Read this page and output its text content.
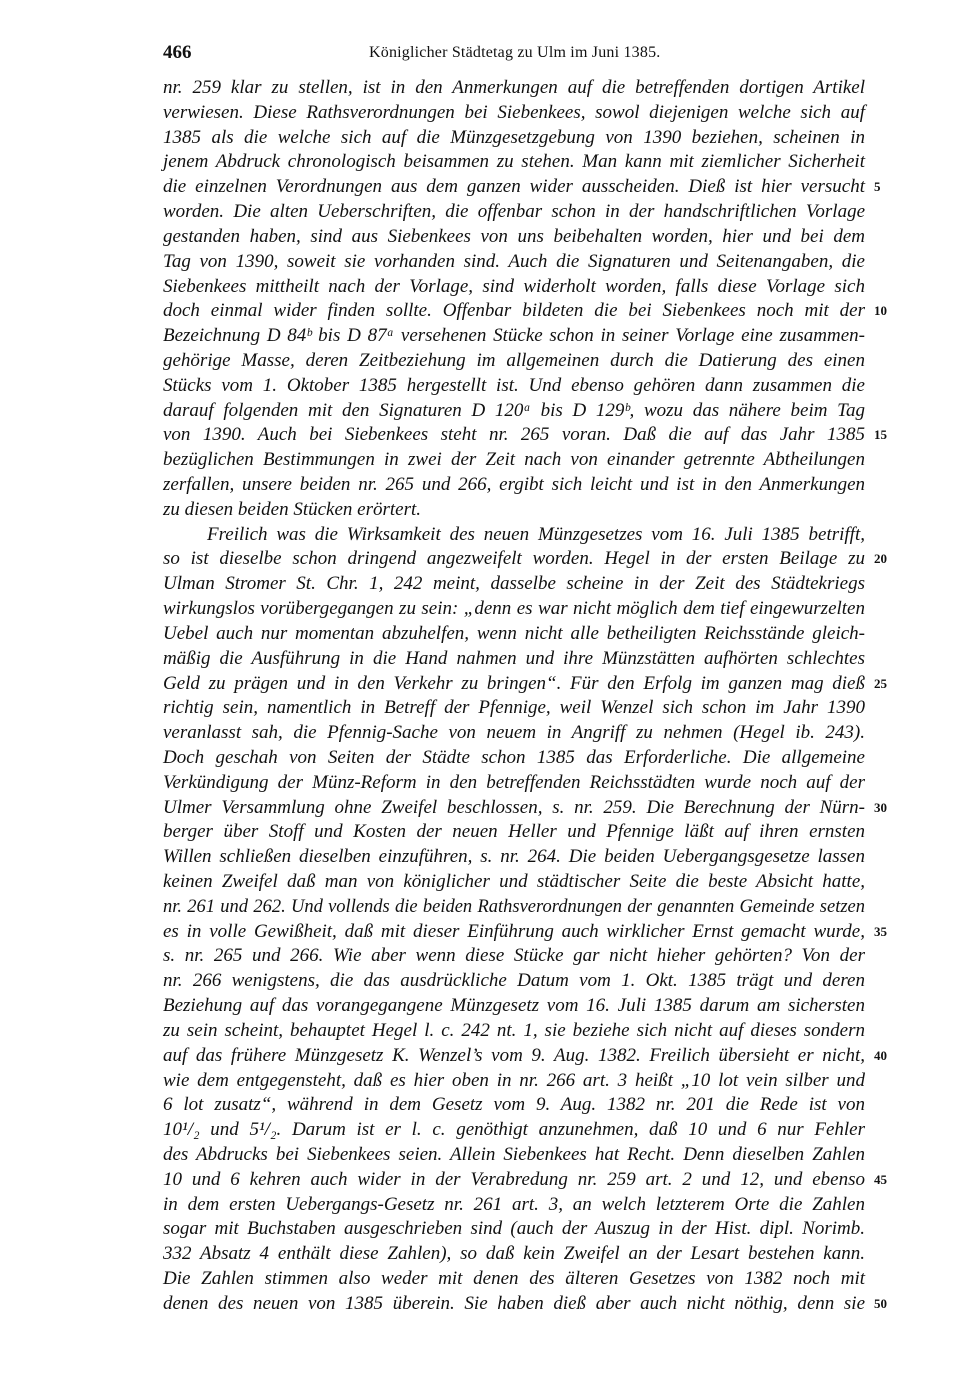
466	Königlicher Städtetag zu Ulm im Juni 1385.
nr. 259 klar zu stellen, ist in den Anmerkungen auf die betreffenden dortigen Artikel
verwiesen. Diese Rathsverordnungen bei Siebenkees, sowol diejenigen welche sich auf
1385 als die welche sich auf die Münzgesetzgebung von 1390 beziehen, scheinen in
jenem Abdruck chronologisch beisammen zu stehen. Man kann mit ziemlicher Sicherheit
die einzelnen Verordnungen aus dem ganzen wider ausscheiden. Dieß ist hier versucht 5
worden. Die alten Ueberschriften, die offenbar schon in der handschriftlichen Vorlage
gestanden haben, sind aus Siebenkees von uns beibehalten worden, hier und bei dem
Tag von 1390, soweit sie vorhanden sind. Auch die Signaturen und Seitenangaben, die
Siebenkees mittheilt nach der Vorlage, sind widerholt worden, falls diese Vorlage sich
doch einmal wider finden sollte. Offenbar bildeten die bei Siebenkees noch mit der 10
Bezeichnung D 84ᵇ bis D 87ᵃ versehenen Stücke schon in seiner Vorlage eine zusammen-
gehörige Masse, deren Zeitbeziehung im allgemeinen durch die Datierung des einen
Stücks vom 1. Oktober 1385 hergestellt ist. Und ebenso gehören dann zusammen die
darauf folgenden mit den Signaturen D 120ᵃ bis D 129ᵇ, wozu das nähere beim Tag
von 1390. Auch bei Siebenkees steht nr. 265 voran. Daß die auf das Jahr 1385 15
bezüglichen Bestimmungen in zwei der Zeit nach von einander getrennte Abtheilungen
zerfallen, unsere beiden nr. 265 und 266, ergibt sich leicht und ist in den Anmerkungen
zu diesen beiden Stücken erörtert.
Freilich was die Wirksamkeit des neuen Münzgesetzes vom 16. Juli 1385 betrifft,
so ist dieselbe schon dringend angezweifelt worden. Hegel in der ersten Beilage zu 20
Ulman Stromer St. Chr. 1, 242 meint, dasselbe scheine in der Zeit des Städtekriegs
wirkungslos vorübergegangen zu sein: „denn es war nicht möglich dem tief eingewurzelten
Uebel auch nur momentan abzuhelfen, wenn nicht alle betheiligten Reichsstände gleich-
mäßig die Ausführung in die Hand nahmen und ihre Münzstätten aufhörten schlechtes
Geld zu prägen und in den Verkehr zu bringen“. Für den Erfolg im ganzen mag dieß 25
richtig sein, namentlich in Betreff der Pfennige, weil Wenzel sich schon im Jahr 1390
veranlasst sah, die Pfennig-Sache von neuem in Angriff zu nehmen (Hegel ib. 243).
Doch geschah von Seiten der Städte schon 1385 das Erforderliche. Die allgemeine
Verkündigung der Münz-Reform in den betreffenden Reichsstädten wurde noch auf der
Ulmer Versammlung ohne Zweifel beschlossen, s. nr. 259. Die Berechnung der Nürn- 30
berger über Stoff und Kosten der neuen Heller und Pfennige läßt auf ihren ernsten
Willen schließen dieselben einzuführen, s. nr. 264. Die beiden Uebergangsgesetze lassen
keinen Zweifel daß man von königlicher und städtischer Seite die beste Absicht hatte,
nr. 261 und 262. Und vollends die beiden Rathsverordnungen der genannten Gemeinde setzen
es in volle Gewißheit, daß mit dieser Einführung auch wirklicher Ernst gemacht wurde, 35
s. nr. 265 und 266. Wie aber wenn diese Stücke gar nicht hieher gehörten? Von der
nr. 266 wenigstens, die das ausdrückliche Datum vom 1. Okt. 1385 trägt und deren
Beziehung auf das vorangegangene Münzgesetz vom 16. Juli 1385 darum am sichersten
zu sein scheint, behauptet Hegel l. c. 242 nt. 1, sie beziehe sich nicht auf dieses sondern
auf das frühere Münzgesetz K. Wenzel’s vom 9. Aug. 1382. Freilich übersieht er nicht, 40
wie dem entgegensteht, daß es hier oben in nr. 266 art. 3 heißt „10 lot vein silber und
6 lot zusatz“, während in dem Gesetz vom 9. Aug. 1382 nr. 201 die Rede ist von
10¹/₂ und 5¹/₂. Darum ist er l. c. genöthigt anzunehmen, daß 10 und 6 nur Fehler
des Abdrucks bei Siebenkees seien. Allein Siebenkees hat Recht. Denn dieselben Zahlen
10 und 6 kehren auch wider in der Verabredung nr. 259 art. 2 und 12, und ebenso 45
in dem ersten Uebergangs-Gesetz nr. 261 art. 3, an welch letzterem Orte die Zahlen
sogar mit Buchstaben ausgeschrieben sind (auch der Auszug in der Hist. dipl. Norimb.
332 Absatz 4 enthält diese Zahlen), so daß kein Zweifel an der Lesart bestehen kann.
Die Zahlen stimmen also weder mit denen des älteren Gesetzes von 1382 noch mit
denen des neuen von 1385 überein. Sie haben dieß aber auch nicht nöthig, denn sie 50
